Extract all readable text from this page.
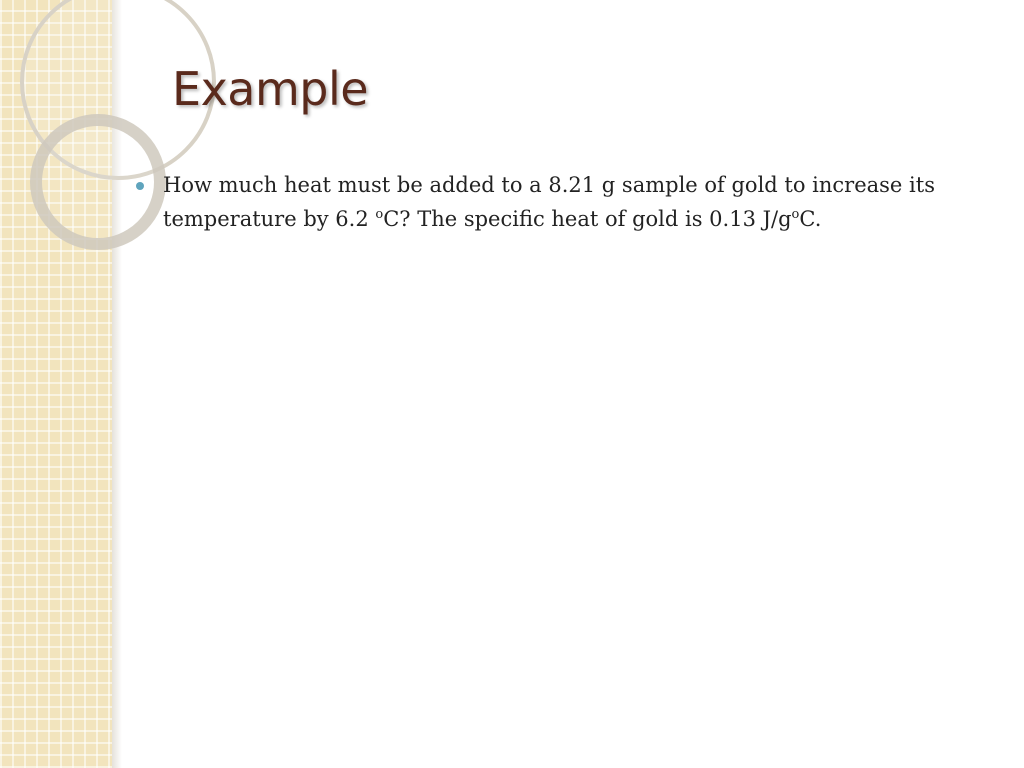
Example

How much heat must be added to a 8.21 g sample of gold to increase its
temperature by 6.2 $^o$C? The specific heat of gold is 0.13 $J/g^oC$.
